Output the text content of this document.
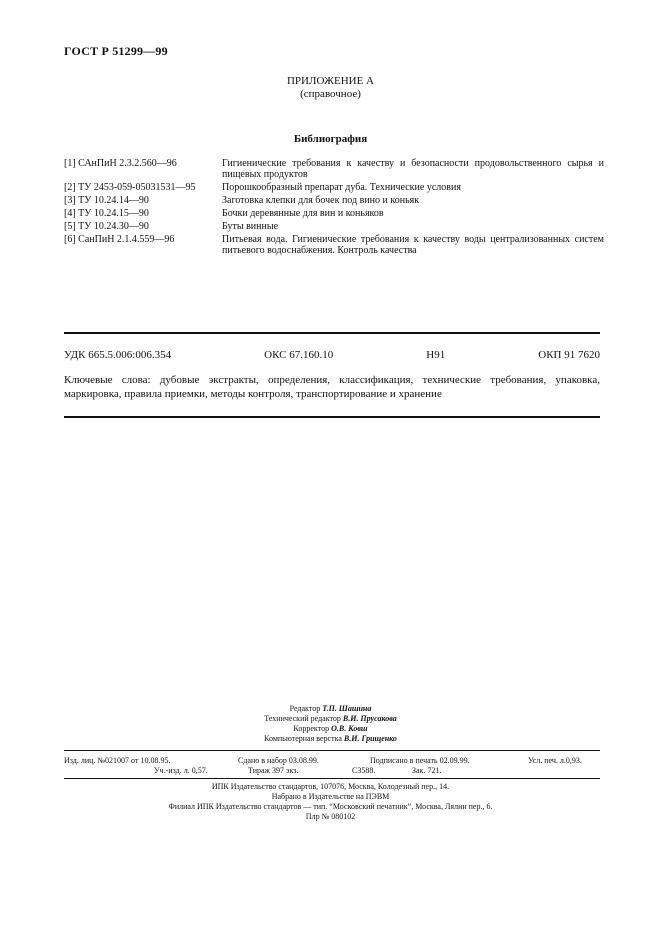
ГОСТ Р 51299—99
ПРИЛОЖЕНИЕ А
(справочное)
Библиография
[1] САнПиН 2.3.2.560—96	Гигиенические требования к качеству и безопасности продовольственного сырья и пищевых продуктов
[2] ТУ 2453-059-05031531—95	Порошкообразный препарат дуба. Технические условия
[3] ТУ 10.24.14—90	Заготовка клепки для бочек под вино и коньяк
[4] ТУ 10.24.15—90	Бочки деревянные для вин и коньяков
[5] ТУ 10.24.30—90	Буты винные
[6] СанПиН 2.1.4.559—96	Питьевая вода. Гигиенические требования к качеству воды централизованных систем питьевого водоснабжения. Контроль качества
УДК 665.5.006:006.354	ОКС 67.160.10	H91	ОКП 91 7620
Ключевые слова: дубовые экстракты, определения, классификация, технические требования, упаковка, маркировка, правила приемки, методы контроля, транспортирование и хранение
Редактор Т.П. Шашина
Технический редактор В.И. Прусакова
Корректор О.В. Ковш
Компьютерная верстка В.И. Грищенко
Изд. лиц. №021007 от 10.08.95.	Сдано в набор 03.08.99.	Подписано в печать 02.09.99.	Усл. печ. л.0,93.
Уч.-изд. л. 0,57.	Тираж 397 экз.	С3588.	Зак. 721.
ИПК Издательство стандартов, 107076, Москва, Колодезный пер., 14.
Набрано в Издательстве на ПЭВМ
Филиал ИПК Издательство стандартов — тип. “Московский печатник”, Москва, Лялин пер., 6.
Плр № 080102
